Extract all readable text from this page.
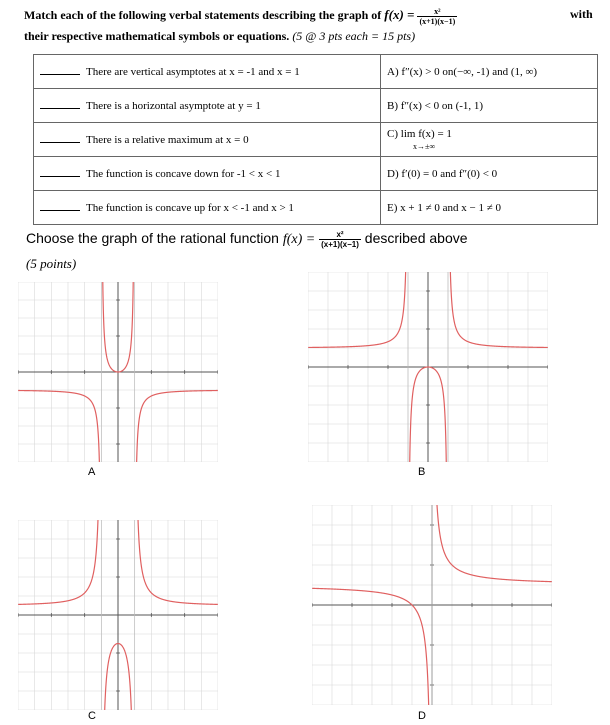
Match each of the following verbal statements describing the graph of $f(x) = \frac{\text{x²}}{(x+1)(x-1)}$

their respective mathematical symbols or equations. (5 @ 3 pts each = 15 pts)
with
There are vertical asymptotes at x = -1 and x = 1	A) f″(x) > 0 on(−∞, -1) and (1, ∞)
There is a horizontal asymptote at y = 1	B) f″(x) < 0 on (-1, 1)
There is a relative maximum at x = 0	C) lim f(x) = 1
x→±∞
The function is concave down for -1 < x < 1	D) f′(0) = 0 and f″(0) < 0
The function is concave up for x < -1 and x > 1	E) x + 1 ≠ 0 and x − 1 ≠ 0
Choose the graph of the rational function $f(x) = \frac{\text{x²}}{(x+1)(x-1)}$ described above
(5 points)
A	B
C	D
